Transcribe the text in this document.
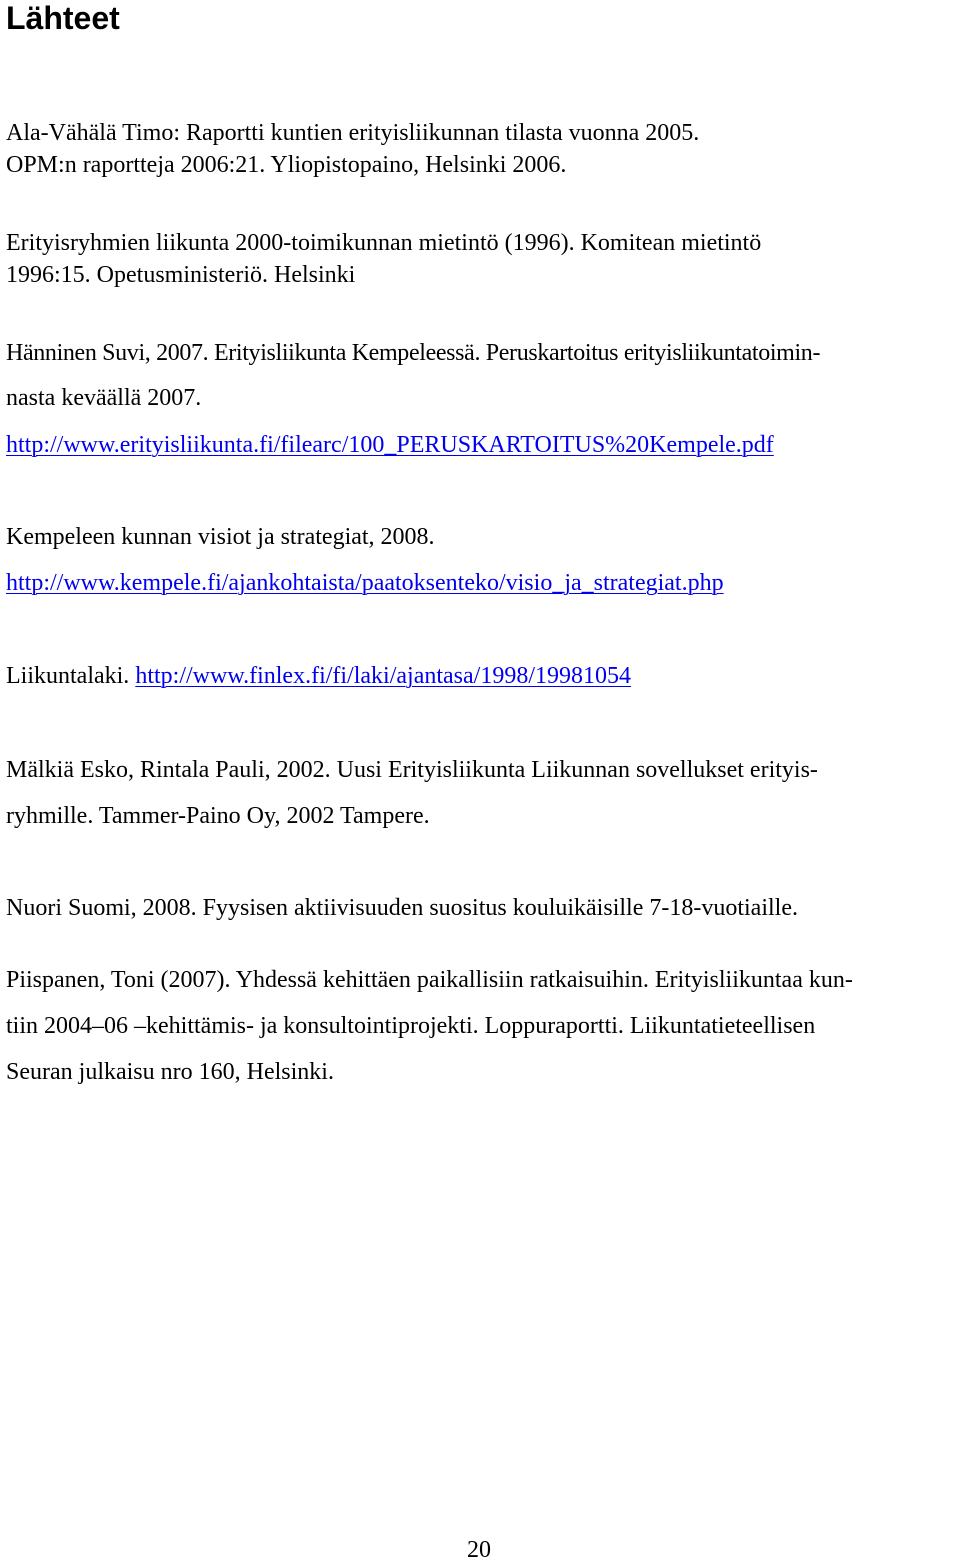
Lähteet
Ala-Vähälä Timo: Raportti kuntien erityisliikunnan tilasta vuonna 2005.
OPM:n raportteja 2006:21. Yliopistopaino, Helsinki 2006.
Erityisryhmien liikunta 2000-toimikunnan mietintö (1996). Komitean mietintö
1996:15. Opetusministeriö. Helsinki
Hänninen Suvi, 2007. Erityisliikunta Kempeleessä. Peruskartoitus erityisliikuntatoimin-
nasta keväällä 2007.
http://www.erityisliikunta.fi/filearc/100_PERUSKARTOITUS%20Kempele.pdf
Kempeleen kunnan visiot ja strategiat, 2008.
http://www.kempele.fi/ajankohtaista/paatoksenteko/visio_ja_strategiat.php
Liikuntalaki. http://www.finlex.fi/fi/laki/ajantasa/1998/19981054
Mälkiä Esko, Rintala Pauli, 2002. Uusi Erityisliikunta Liikunnan sovellukset erityis-
ryhmille. Tammer-Paino Oy, 2002 Tampere.
Nuori Suomi, 2008. Fyysisen aktiivisuuden suositus kouluikäisille 7-18-vuotiaille.
Piispanen, Toni (2007). Yhdessä kehittäen paikallisiin ratkaisuihin. Erityisliikuntaa kun-
tiin 2004–06 –kehittämis- ja konsultointiprojekti. Loppuraportti. Liikuntatieteellisen
Seuran julkaisu nro 160, Helsinki.
20
